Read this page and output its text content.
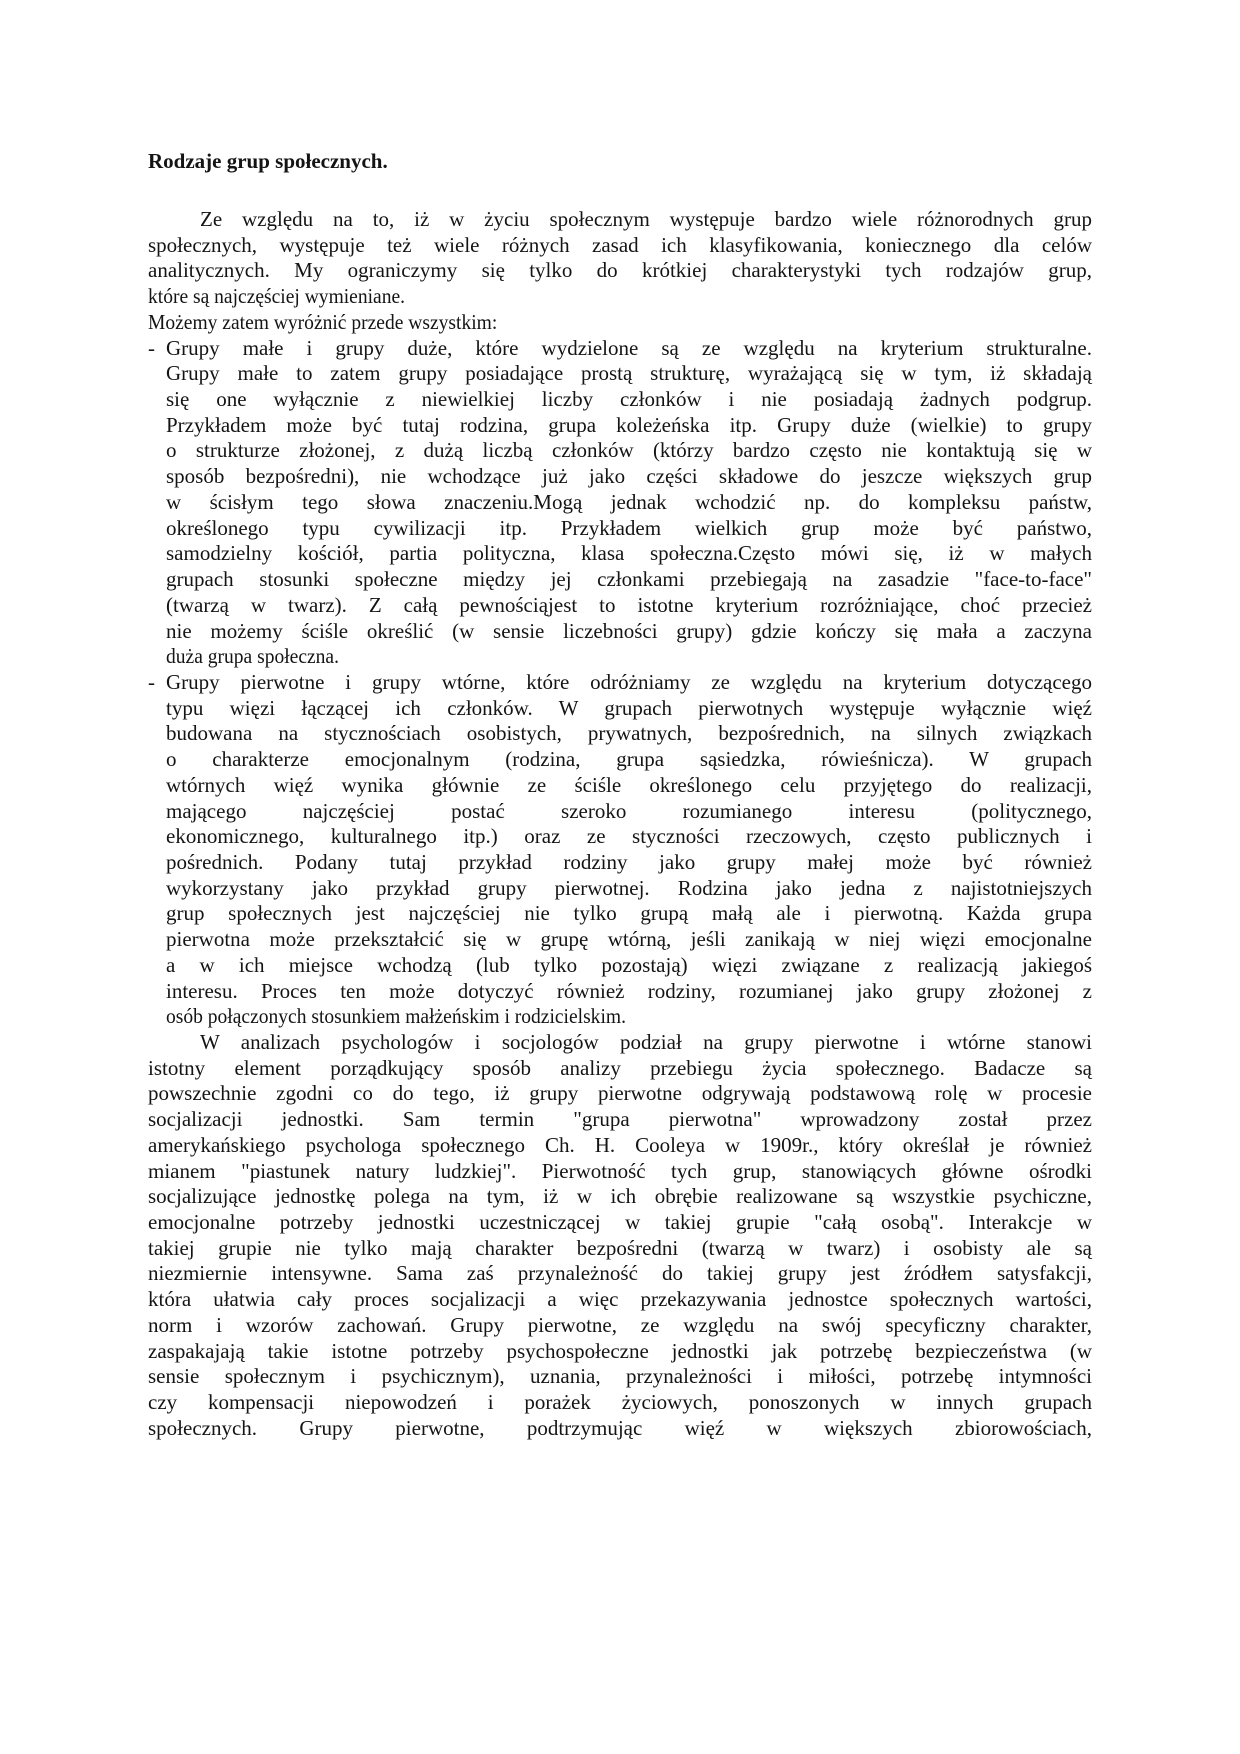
Rodzaje grup społecznych.
Ze względu na to, iż w życiu społecznym występuje bardzo wiele różnorodnych grup
społecznych, występuje też wiele różnych zasad ich klasyfikowania, koniecznego dla celów
analitycznych. My ograniczymy się tylko do krótkiej charakterystyki tych rodzajów grup,
które są najczęściej wymieniane.
Możemy zatem wyróżnić przede wszystkim:
- Grupy małe i grupy duże, które wydzielone są ze względu na kryterium strukturalne.
Grupy małe to zatem grupy posiadające prostą strukturę, wyrażającą się w tym, iż składają
się one wyłącznie z niewielkiej liczby członków i nie posiadają żadnych podgrup.
Przykładem może być tutaj rodzina, grupa koleżeńska itp. Grupy duże (wielkie) to grupy
o strukturze złożonej, z dużą liczbą członków (którzy bardzo często nie kontaktują się w
sposób bezpośredni), nie wchodzące już jako części składowe do jeszcze większych grup
w ścisłym tego słowa znaczeniu.Mogą jednak wchodzić np. do kompleksu państw,
określonego typu cywilizacji itp. Przykładem wielkich grup może być państwo,
samodzielny kościół, partia polityczna, klasa społeczna.Często mówi się, iż w małych
grupach stosunki społeczne między jej członkami przebiegają na zasadzie "face-to-face"
(twarzą w twarz). Z całą pewnościąjest to istotne kryterium rozróżniające, choć przecież
nie możemy ściśle określić (w sensie liczebności grupy) gdzie kończy się mała a zaczyna
duża grupa społeczna.
- Grupy pierwotne i grupy wtórne, które odróżniamy ze względu na kryterium dotyczącego
typu więzi łączącej ich członków. W grupach pierwotnych występuje wyłącznie więź
budowana na stycznościach osobistych, prywatnych, bezpośrednich, na silnych związkach
o charakterze emocjonalnym (rodzina, grupa sąsiedzka, rówieśnicza). W grupach
wtórnych więź wynika głównie ze ściśle określonego celu przyjętego do realizacji,
mającego najczęściej postać szeroko rozumianego interesu (politycznego,
ekonomicznego, kulturalnego itp.) oraz ze styczności rzeczowych, często publicznych i
pośrednich. Podany tutaj przykład rodziny jako grupy małej może być również
wykorzystany jako przykład grupy pierwotnej. Rodzina jako jedna z najistotniejszych
grup społecznych jest najczęściej nie tylko grupą małą ale i pierwotną. Każda grupa
pierwotna może przekształcić się w grupę wtórną, jeśli zanikają w niej więzi emocjonalne
a w ich miejsce wchodzą (lub tylko pozostają) więzi związane z realizacją jakiegoś
interesu. Proces ten może dotyczyć również rodziny, rozumianej jako grupy złożonej z
osób połączonych stosunkiem małżeńskim i rodzicielskim.
W analizach psychologów i socjologów podział na grupy pierwotne i wtórne stanowi
istotny element porządkujący sposób analizy przebiegu życia społecznego. Badacze są
powszechnie zgodni co do tego, iż grupy pierwotne odgrywają podstawową rolę w procesie
socjalizacji jednostki. Sam termin "grupa pierwotna" wprowadzony został przez
amerykańskiego psychologa społecznego Ch. H. Cooleya w 1909r., który określał je również
mianem "piastunek natury ludzkiej". Pierwotność tych grup, stanowiących główne ośrodki
socjalizujące jednostkę polega na tym, iż w ich obrębie realizowane są wszystkie psychiczne,
emocjonalne potrzeby jednostki uczestniczącej w takiej grupie "całą osobą". Interakcje w
takiej grupie nie tylko mają charakter bezpośredni (twarzą w twarz) i osobisty ale są
niezmiernie intensywne. Sama zaś przynależność do takiej grupy jest źródłem satysfakcji,
która ułatwia cały proces socjalizacji a więc przekazywania jednostce społecznych wartości,
norm i wzorów zachowań. Grupy pierwotne, ze względu na swój specyficzny charakter,
zaspakajają takie istotne potrzeby psychospołeczne jednostki jak potrzebę bezpieczeństwa (w
sensie społecznym i psychicznym), uznania, przynależności i miłości, potrzebę intymności
czy kompensacji niepowodzeń i porażek życiowych, ponoszonych w innych grupach
społecznych. Grupy pierwotne, podtrzymując więź w większych zbiorowościach,
